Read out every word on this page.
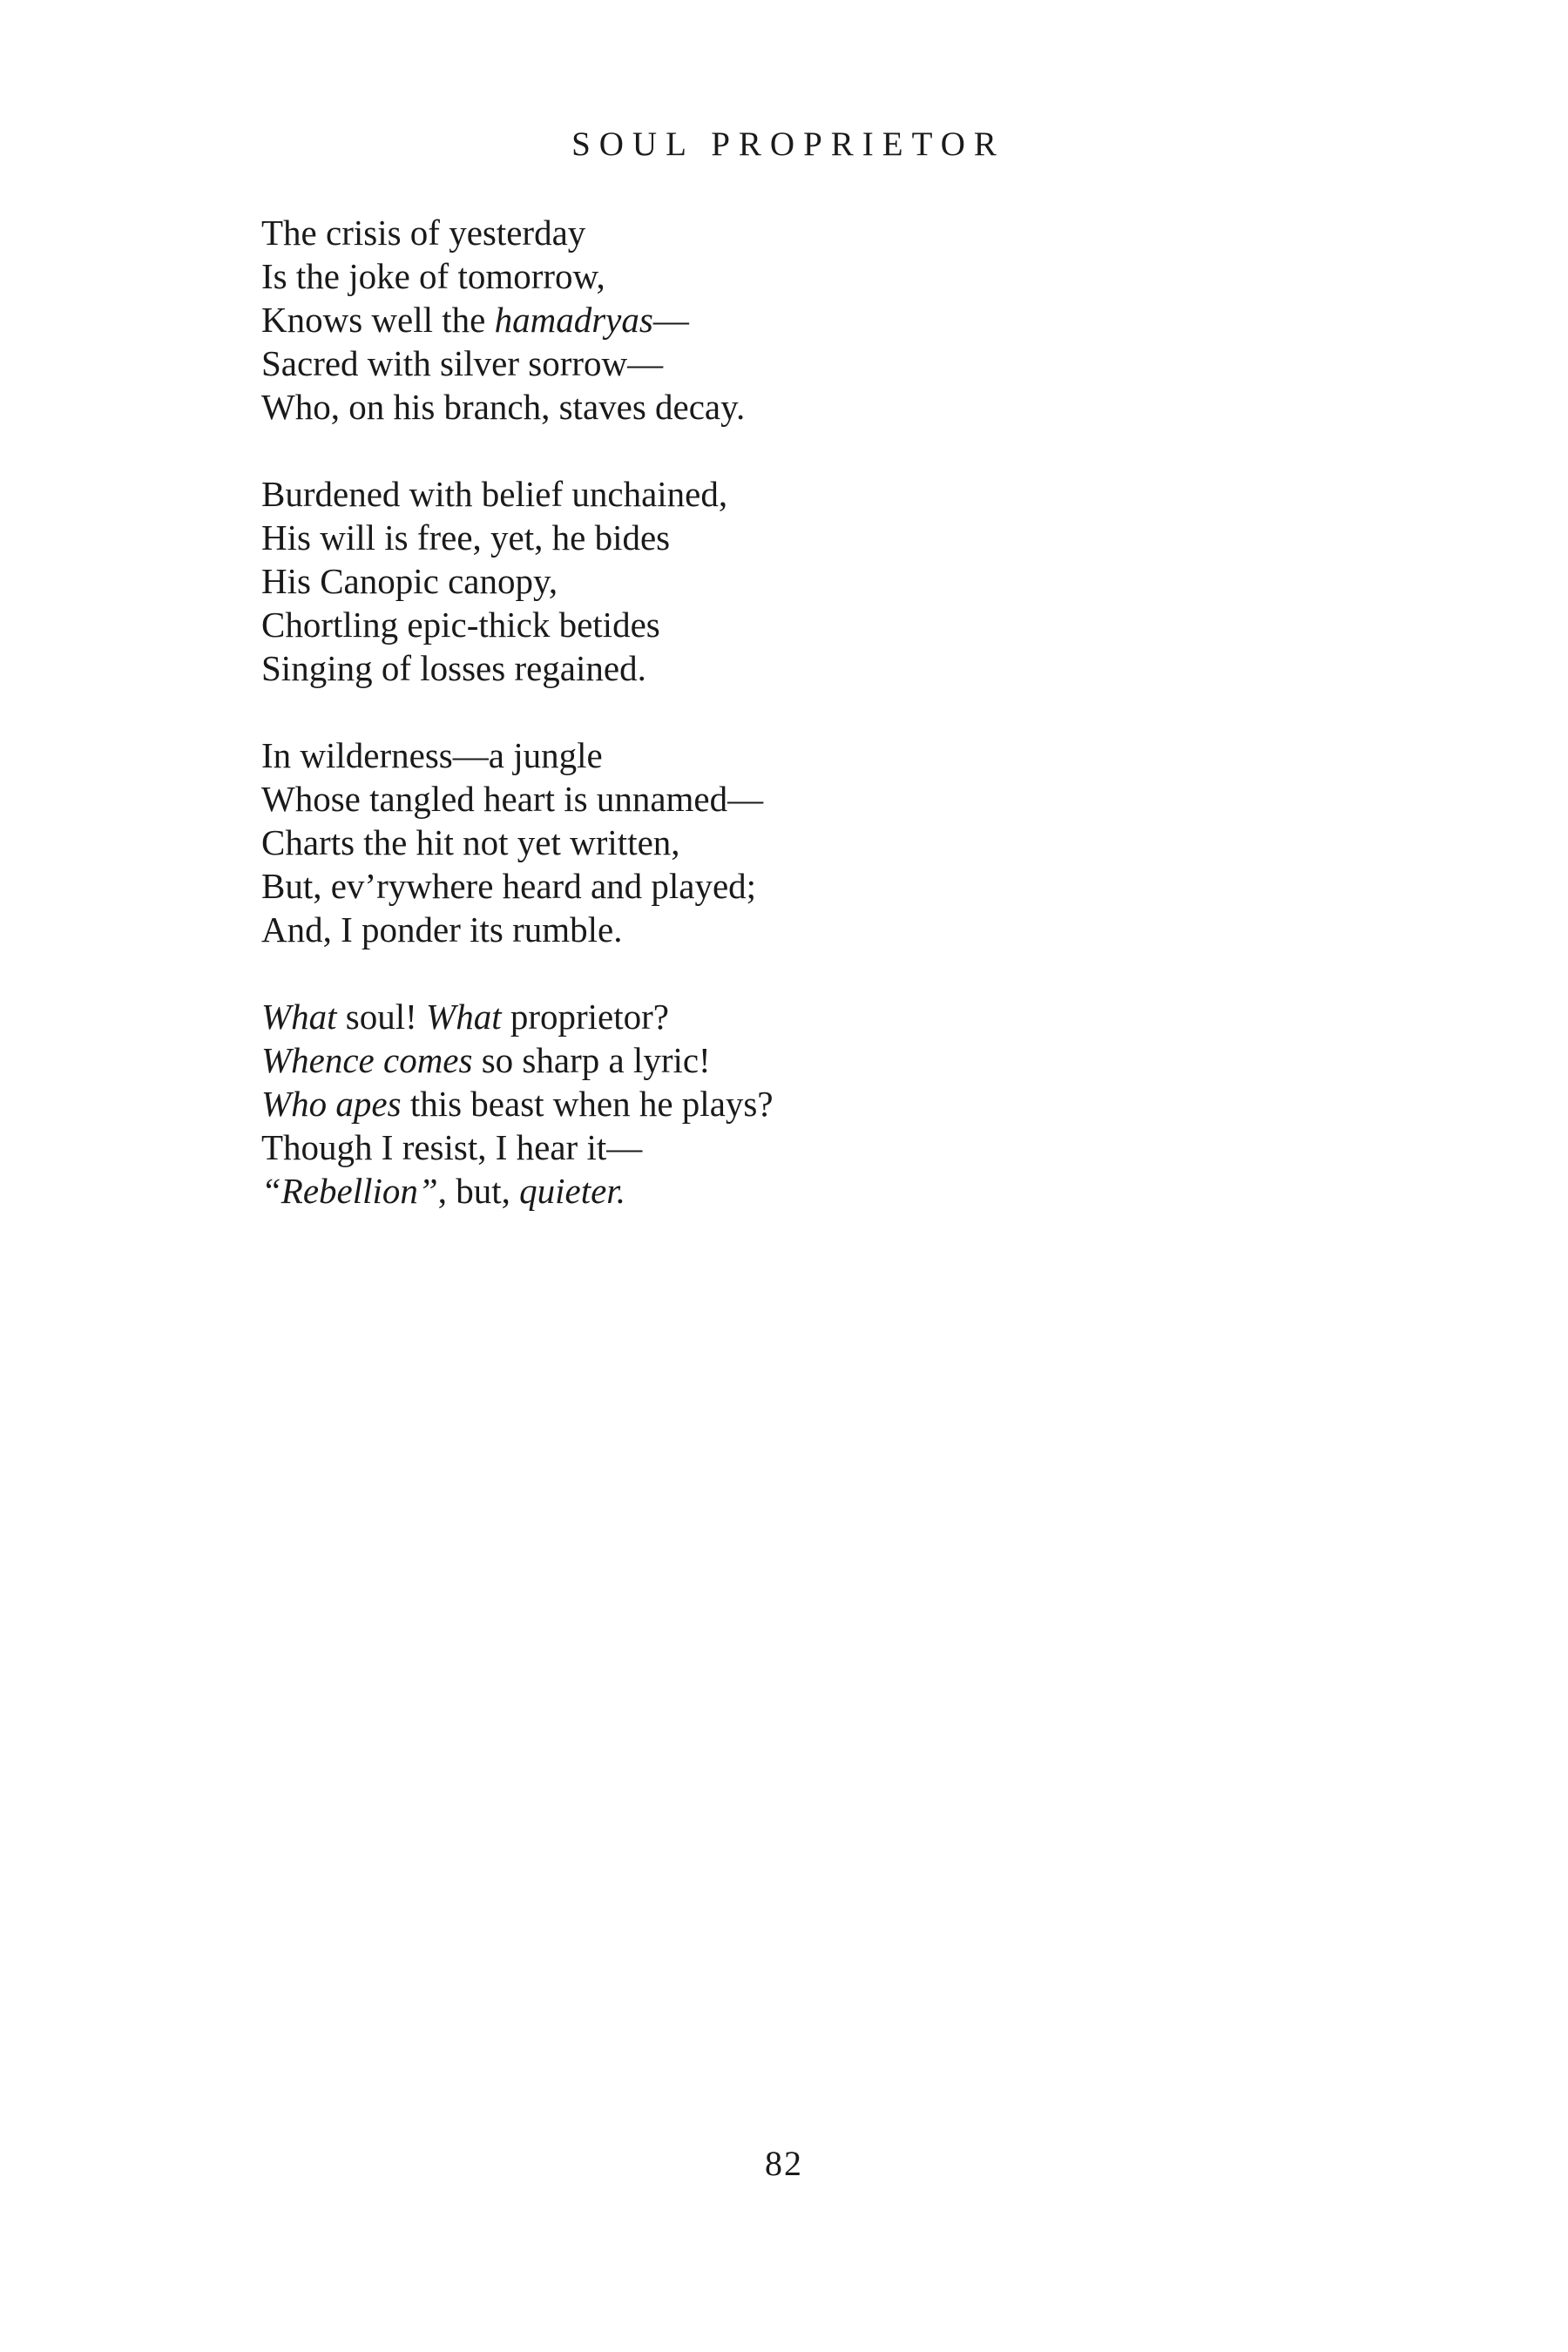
SOUL PROPRIETOR
The crisis of yesterday
Is the joke of tomorrow,
Knows well the hamadryas—
Sacred with silver sorrow—
Who, on his branch, staves decay.
Burdened with belief unchained,
His will is free, yet, he bides
His Canopic canopy,
Chortling epic-thick betides
Singing of losses regained.
In wilderness—a jungle
Whose tangled heart is unnamed—
Charts the hit not yet written,
But, ev’rywhere heard and played;
And, I ponder its rumble.
What soul! What proprietor?
Whence comes so sharp a lyric!
Who apes this beast when he plays?
Though I resist, I hear it—
“Rebellion”, but, quieter.
82
